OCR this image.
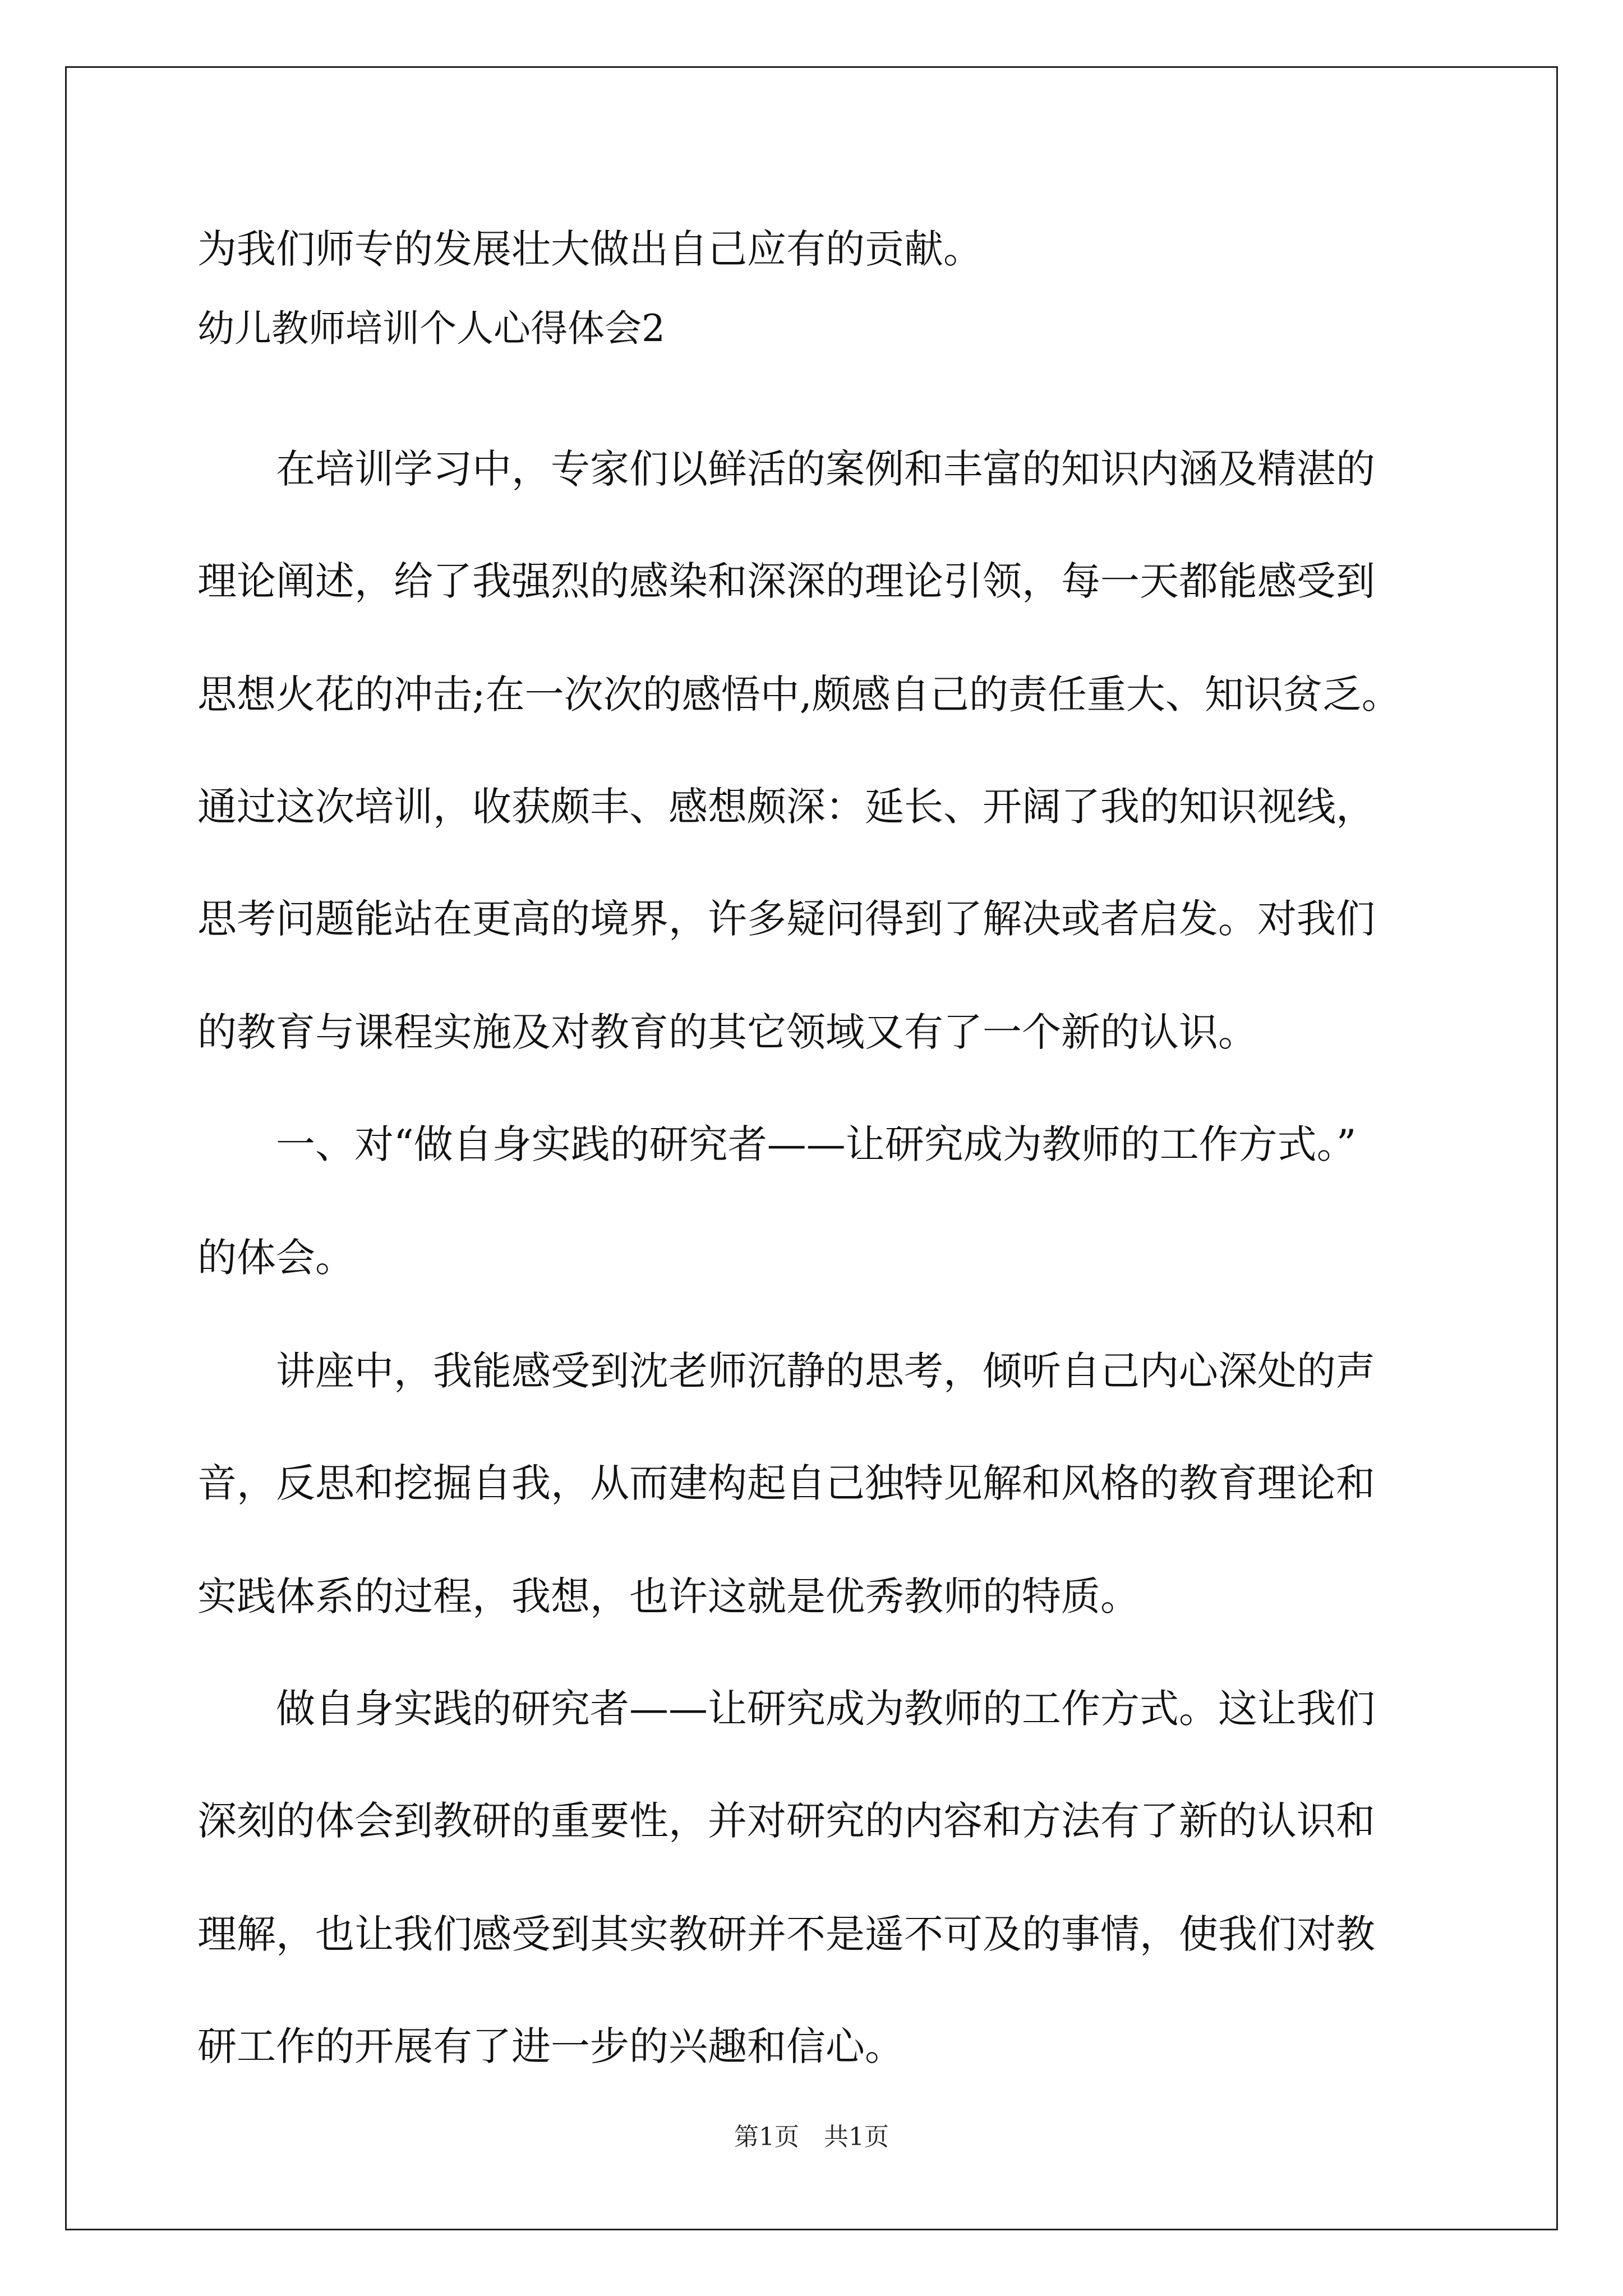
为我们师专的发展壮大做出自己应有的贡献。
幼儿教师培训个人心得体会2
　　在培训学习中，专家们以鲜活的案例和丰富的知识内涵及精湛的
理论阐述，给了我强烈的感染和深深的理论引领，每一天都能感受到
思想火花的冲击;在一次次的感悟中,颇感自己的责任重大、知识贫乏。
通过这次培训，收获颇丰、感想颇深：延长、开阔了我的知识视线，
思考问题能站在更高的境界，许多疑问得到了解决或者启发。对我们
的教育与课程实施及对教育的其它领域又有了一个新的认识。
　　一、对“做自身实践的研究者——让研究成为教师的工作方式。”
的体会。
　　讲座中，我能感受到沈老师沉静的思考，倾听自己内心深处的声
音，反思和挖掘自我，从而建构起自己独特见解和风格的教育理论和
实践体系的过程，我想，也许这就是优秀教师的特质。
　　做自身实践的研究者——让研究成为教师的工作方式。这让我们
深刻的体会到教研的重要性，并对研究的内容和方法有了新的认识和
理解，也让我们感受到其实教研并不是遥不可及的事情，使我们对教
研工作的开展有了进一步的兴趣和信心。
第1页　共1页
